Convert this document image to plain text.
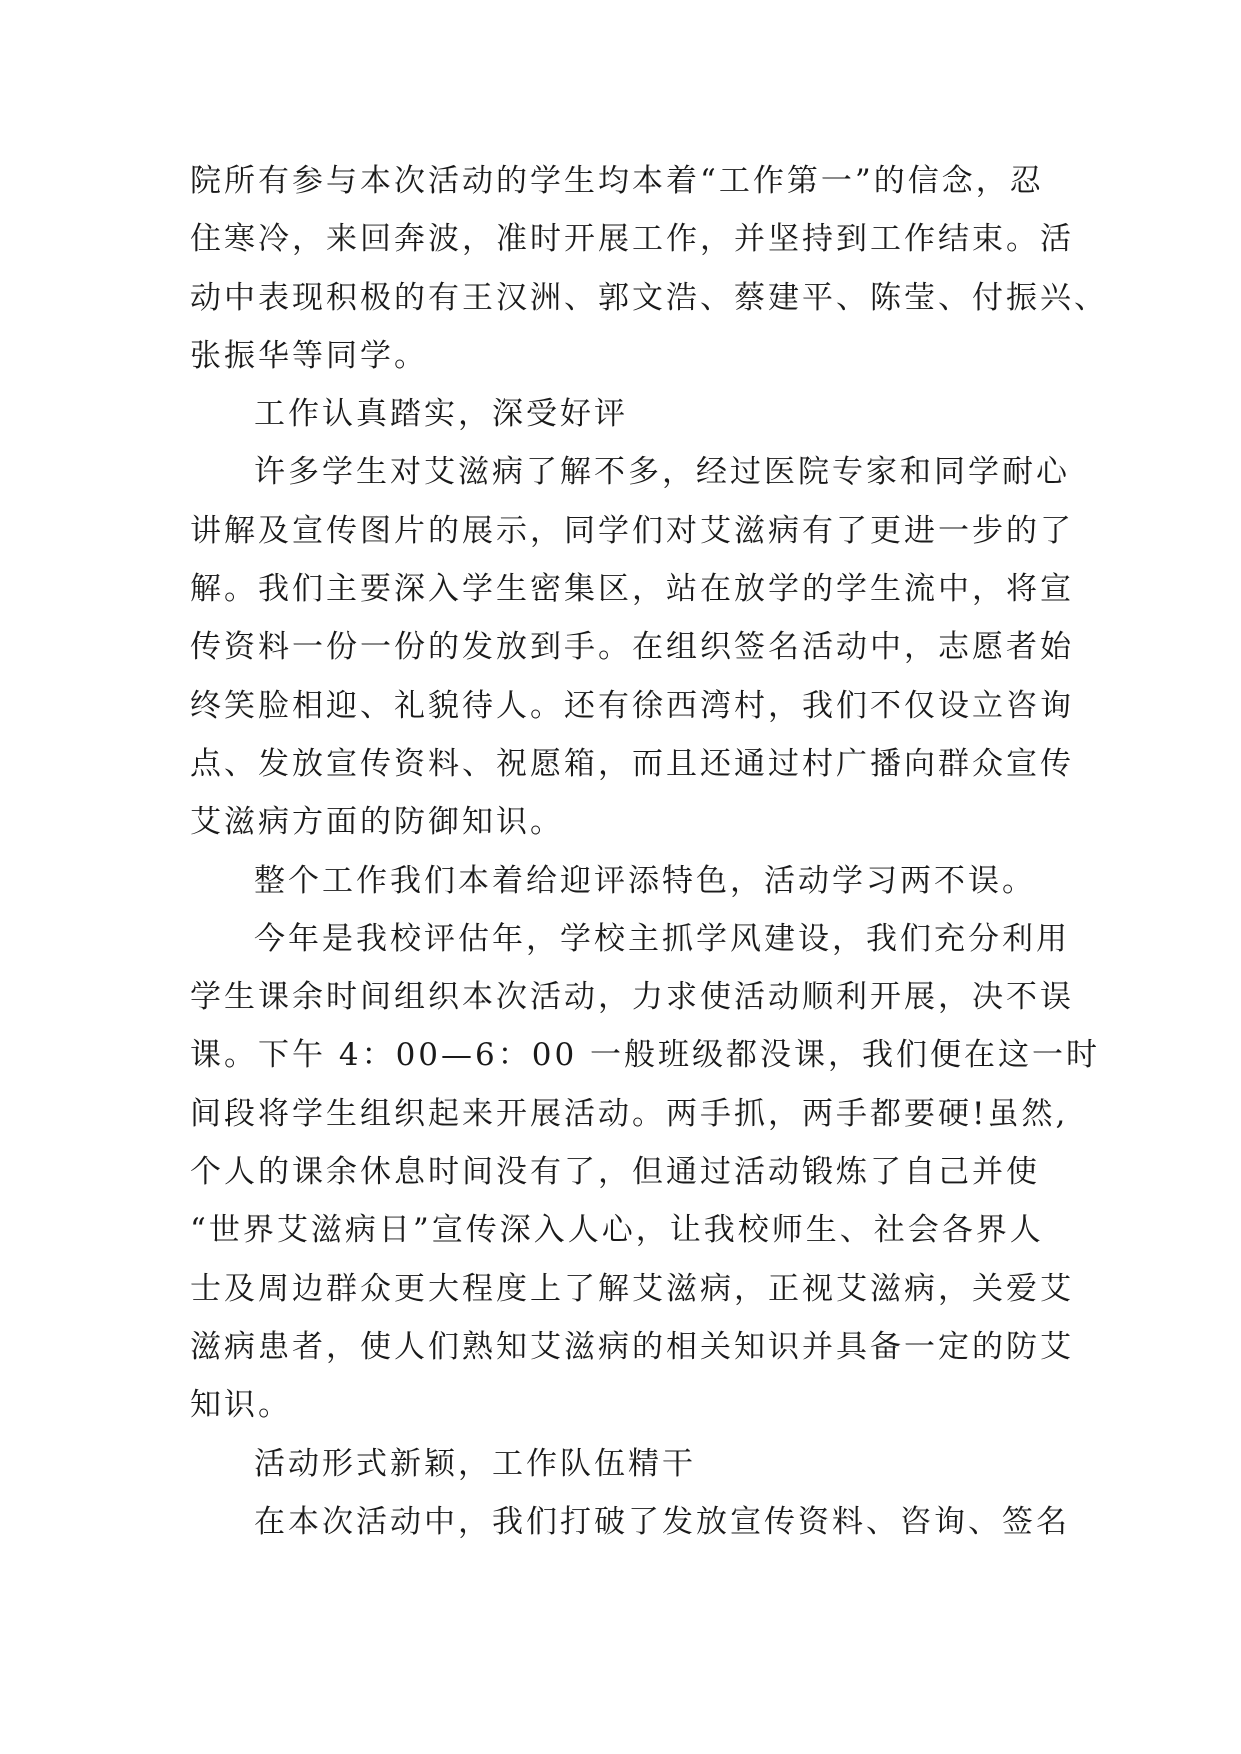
院所有参与本次活动的学生均本着“工作第一”的信念，忍
住寒冷，来回奔波，准时开展工作，并坚持到工作结束。活
动中表现积极的有王汉洲、郭文浩、蔡建平、陈莹、付振兴、
张振华等同学。
工作认真踏实，深受好评
许多学生对艾滋病了解不多，经过医院专家和同学耐心
讲解及宣传图片的展示，同学们对艾滋病有了更进一步的了
解。我们主要深入学生密集区，站在放学的学生流中，将宣
传资料一份一份的发放到手。在组织签名活动中，志愿者始
终笑脸相迎、礼貌待人。还有徐西湾村，我们不仅设立咨询
点、发放宣传资料、祝愿箱，而且还通过村广播向群众宣传
艾滋病方面的防御知识。
整个工作我们本着给迎评添特色，活动学习两不误。
今年是我校评估年，学校主抓学风建设，我们充分利用
学生课余时间组织本次活动，力求使活动顺利开展，决不误
课。下午 4：00—6：00 一般班级都没课，我们便在这一时
间段将学生组织起来开展活动。两手抓，两手都要硬!虽然,
个人的课余休息时间没有了，但通过活动锻炼了自己并使
“世界艾滋病日”宣传深入人心，让我校师生、社会各界人
士及周边群众更大程度上了解艾滋病，正视艾滋病，关爱艾
滋病患者，使人们熟知艾滋病的相关知识并具备一定的防艾
知识。
活动形式新颖，工作队伍精干
在本次活动中，我们打破了发放宣传资料、咨询、签名
